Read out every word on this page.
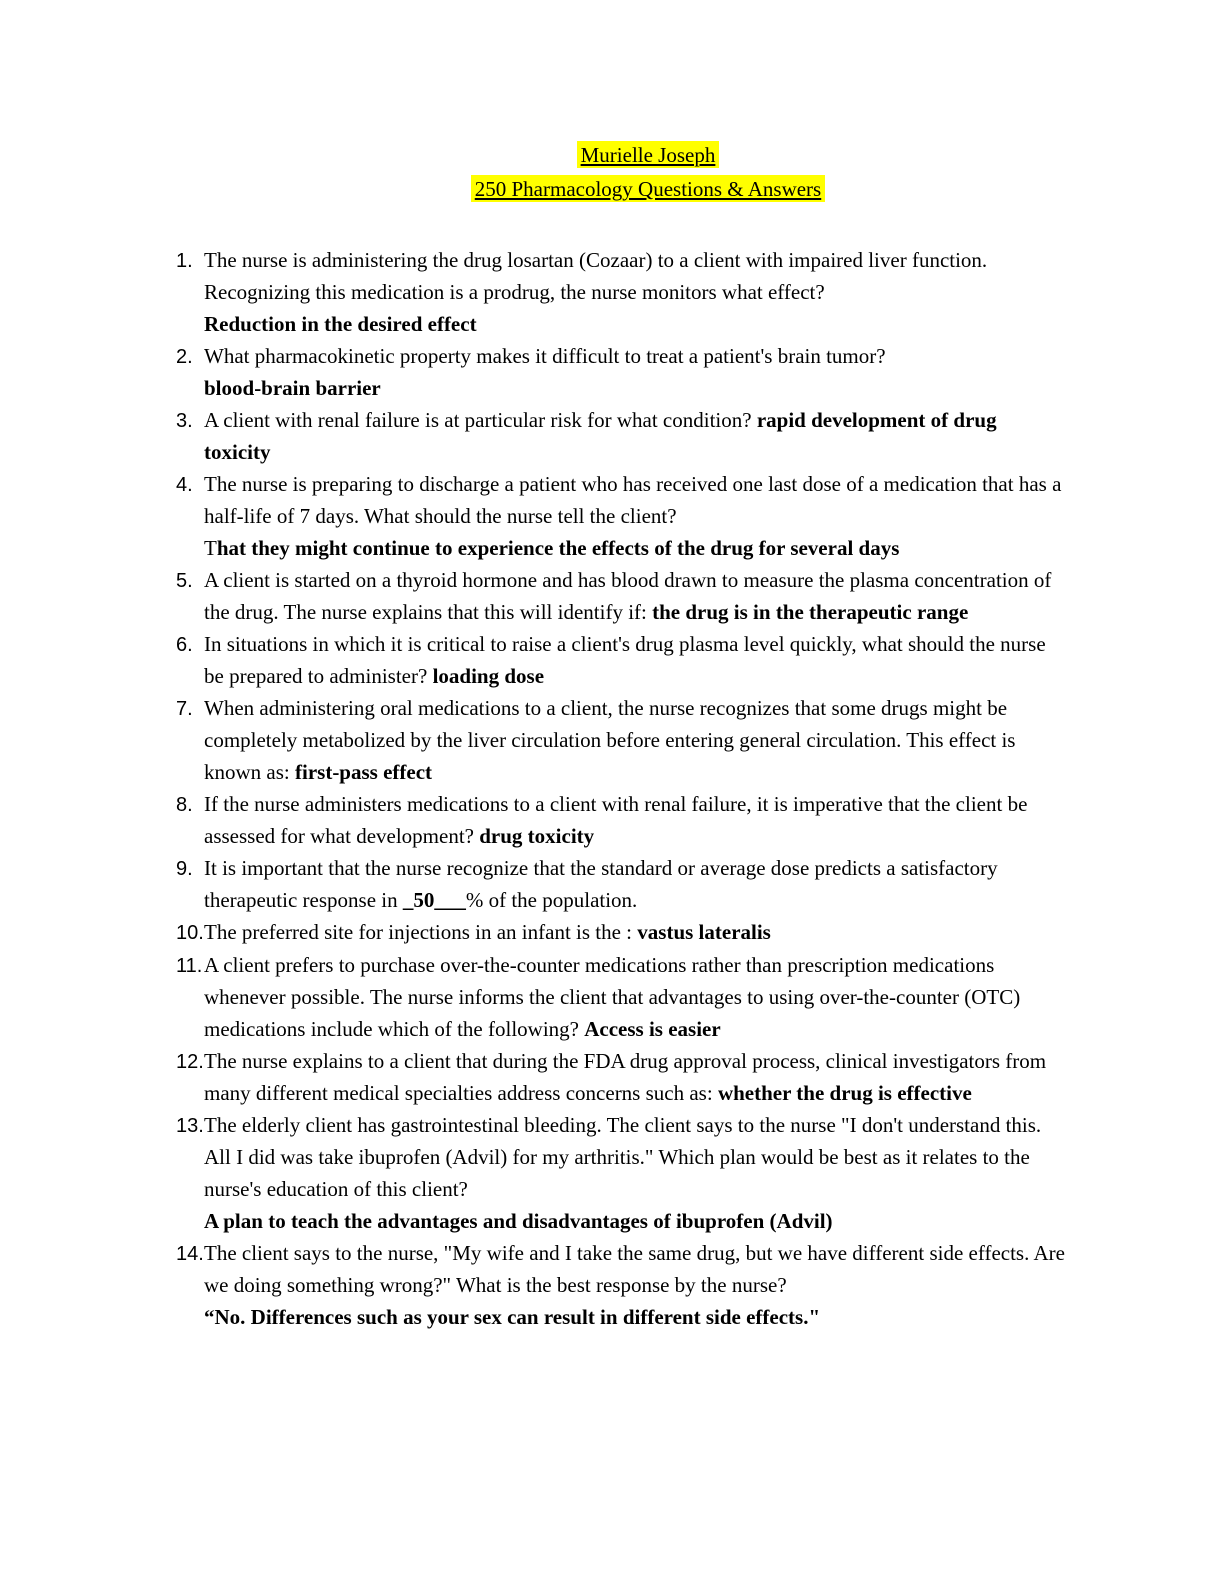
Murielle Joseph
250 Pharmacology Questions & Answers
1. The nurse is administering the drug losartan (Cozaar) to a client with impaired liver function. Recognizing this medication is a prodrug, the nurse monitors what effect?
Reduction in the desired effect
2. What pharmacokinetic property makes it difficult to treat a patient's brain tumor?
blood-brain barrier
3. A client with renal failure is at particular risk for what condition? rapid development of drug toxicity
4. The nurse is preparing to discharge a patient who has received one last dose of a medication that has a half-life of 7 days. What should the nurse tell the client?
That they might continue to experience the effects of the drug for several days
5. A client is started on a thyroid hormone and has blood drawn to measure the plasma concentration of the drug. The nurse explains that this will identify if: the drug is in the therapeutic range
6. In situations in which it is critical to raise a client's drug plasma level quickly, what should the nurse be prepared to administer? loading dose
7. When administering oral medications to a client, the nurse recognizes that some drugs might be completely metabolized by the liver circulation before entering general circulation. This effect is known as: first-pass effect
8. If the nurse administers medications to a client with renal failure, it is imperative that the client be assessed for what development? drug toxicity
9. It is important that the nurse recognize that the standard or average dose predicts a satisfactory therapeutic response in _50___% of the population.
10. The preferred site for injections in an infant is the : vastus lateralis
11. A client prefers to purchase over-the-counter medications rather than prescription medications whenever possible. The nurse informs the client that advantages to using over-the-counter (OTC) medications include which of the following? Access is easier
12. The nurse explains to a client that during the FDA drug approval process, clinical investigators from many different medical specialties address concerns such as: whether the drug is effective
13. The elderly client has gastrointestinal bleeding. The client says to the nurse "I don't understand this. All I did was take ibuprofen (Advil) for my arthritis." Which plan would be best as it relates to the nurse's education of this client?
A plan to teach the advantages and disadvantages of ibuprofen (Advil)
14. The client says to the nurse, "My wife and I take the same drug, but we have different side effects. Are we doing something wrong?" What is the best response by the nurse?
“No. Differences such as your sex can result in different side effects."
